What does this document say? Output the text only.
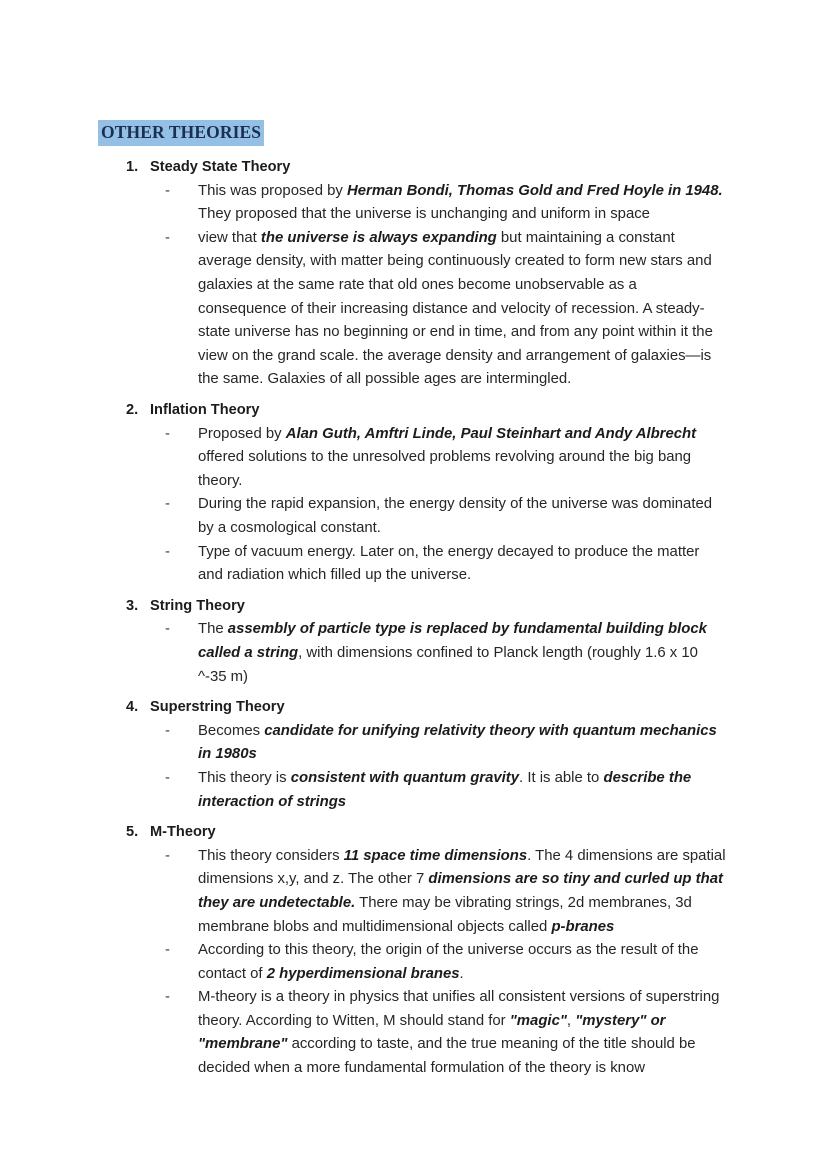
OTHER THEORIES
1. Steady State Theory
- This was proposed by Herman Bondi, Thomas Gold and Fred Hoyle in 1948. They proposed that the universe is unchanging and uniform in space
- view that the universe is always expanding but maintaining a constant average density, with matter being continuously created to form new stars and galaxies at the same rate that old ones become unobservable as a consequence of their increasing distance and velocity of recession. A steady-state universe has no beginning or end in time, and from any point within it the view on the grand scale. the average density and arrangement of galaxies—is the same. Galaxies of all possible ages are intermingled.
2. Inflation Theory
- Proposed by Alan Guth, Amftri Linde, Paul Steinhart and Andy Albrecht offered solutions to the unresolved problems revolving around the big bang theory.
- During the rapid expansion, the energy density of the universe was dominated by a cosmological constant.
- Type of vacuum energy. Later on, the energy decayed to produce the matter and radiation which filled up the universe.
3. String Theory
- The assembly of particle type is replaced by fundamental building block called a string, with dimensions confined to Planck length (roughly 1.6 x 10 ^-35 m)
4. Superstring Theory
- Becomes candidate for unifying relativity theory with quantum mechanics in 1980s
- This theory is consistent with quantum gravity. It is able to describe the interaction of strings
5. M-Theory
- This theory considers 11 space time dimensions. The 4 dimensions are spatial dimensions x,y, and z. The other 7 dimensions are so tiny and curled up that they are undetectable. There may be vibrating strings, 2d membranes, 3d membrane blobs and multidimensional objects called p-branes
- According to this theory, the origin of the universe occurs as the result of the contact of 2 hyperdimensional branes.
- M-theory is a theory in physics that unifies all consistent versions of superstring theory. According to Witten, M should stand for "magic", "mystery" or "membrane" according to taste, and the true meaning of the title should be decided when a more fundamental formulation of the theory is know
